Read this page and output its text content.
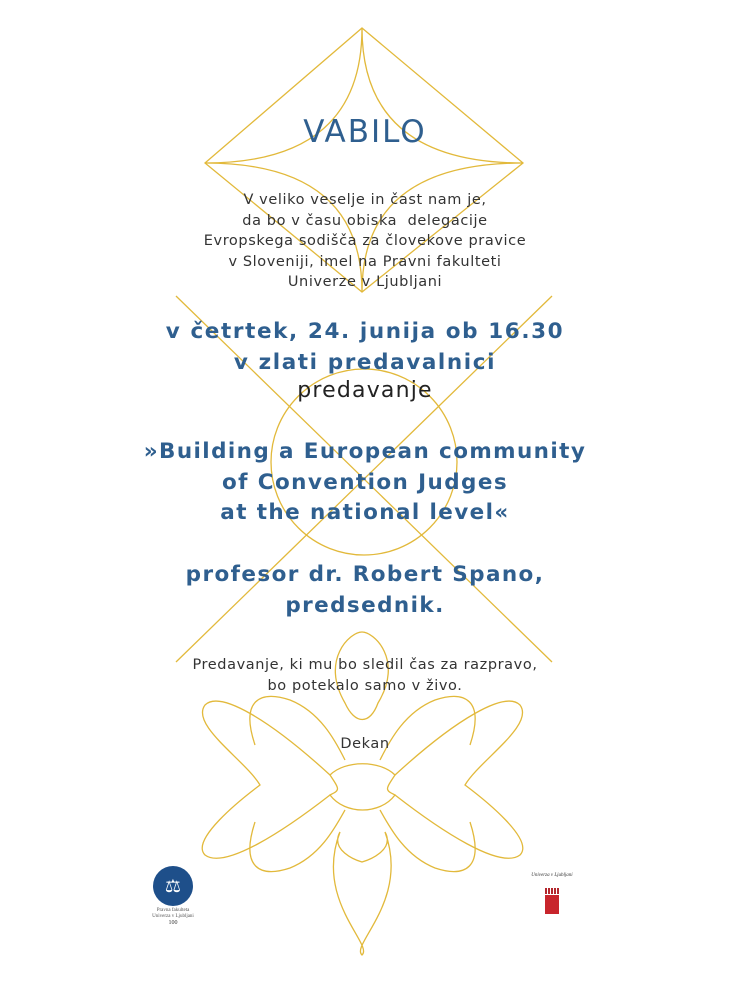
VABILO
V veliko veselje in čast nam je,
da bo v času obiska  delegacije
Evropskega sodišča za človekove pravice
v Sloveniji, imel na Pravni fakulteti
Univerze v Ljubljani
v četrtek, 24. junija ob 16.30
v zlati predavalnici
predavanje
»Building a European community
of Convention Judges
at the national level«
profesor dr. Robert Spano,
predsednik.
Predavanje, ki mu bo sledil čas za razpravo,
bo potekalo samo v živo.
Dekan
⚖
Pravna fakulteta
Univerza v Ljubljani
100
Univerza v Ljubljani
